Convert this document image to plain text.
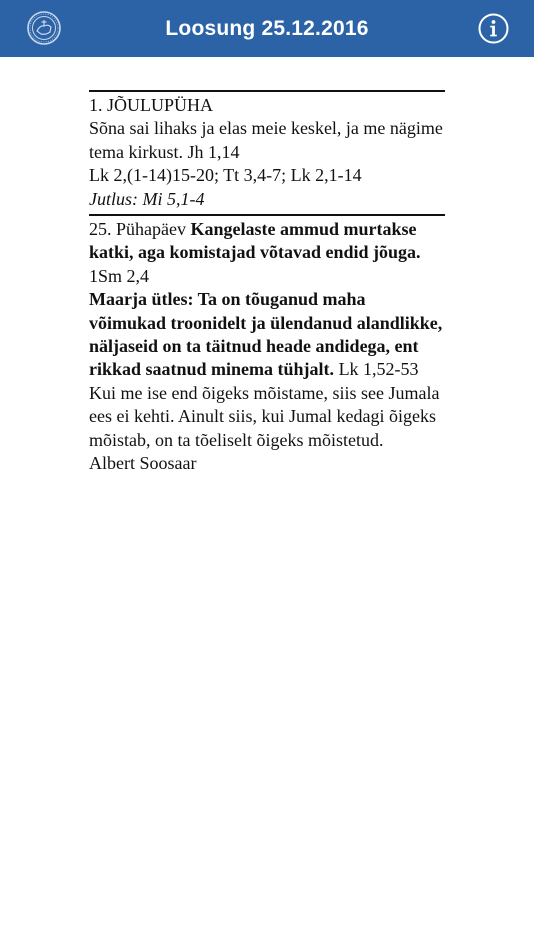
Loosung 25.12.2016
1. JÕULUPÜHA
Sõna sai lihaks ja elas meie keskel, ja me nägime tema kirkust. Jh 1,14
Lk 2,(1-14)15-20; Tt 3,4-7; Lk 2,1-14
Jutlus: Mi 5,1-4
25. Pühapäev Kangelaste ammud murtakse katki, aga komistajad võtavad endid jõuga. 1Sm 2,4
Maarja ütles: Ta on tõuganud maha võimukad troonidelt ja ülendanud alandlikke, näljaseid on ta täitnud heade andidega, ent rikkad saatnud minema tühjalt. Lk 1,52-53
Kui me ise end õigeks mõistame, siis see Jumala ees ei kehti. Ainult siis, kui Jumal kedagi õigeks mõistab, on ta tõeliselt õigeks mõistetud.
Albert Soosaar
